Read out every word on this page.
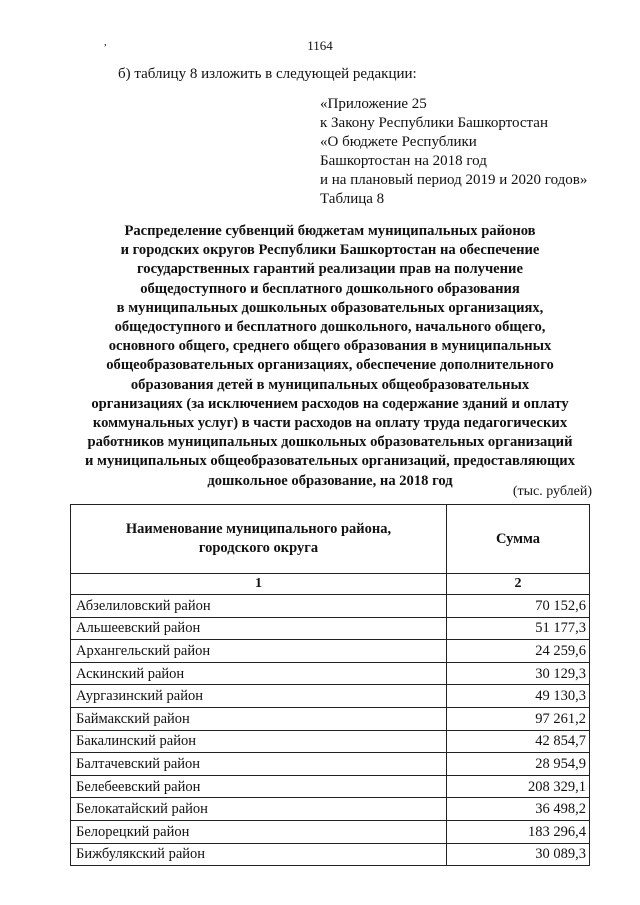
1164
,
б) таблицу 8 изложить в следующей редакции:
«Приложение 25
к Закону Республики Башкортостан
«О бюджете Республики
Башкортостан на 2018 год
и на плановый период 2019 и 2020 годов»
Таблица 8
Распределение субвенций бюджетам муниципальных районов
и городских округов Республики Башкортостан на обеспечение
государственных гарантий реализации прав на получение
общедоступного и бесплатного дошкольного образования
в муниципальных дошкольных образовательных организациях,
общедоступного и бесплатного дошкольного, начального общего,
основного общего, среднего общего образования в муниципальных
общеобразовательных организациях, обеспечение дополнительного
образования детей в муниципальных общеобразовательных
организациях (за исключением расходов на содержание зданий и оплату
коммунальных услуг) в части расходов на оплату труда педагогических
работников муниципальных дошкольных образовательных организаций
и муниципальных общеобразовательных организаций, предоставляющих
дошкольное образование, на 2018 год
(тыс. рублей)
Наименование муниципального района,
городского округа	Сумма
1	2
Абзелиловский район	70 152,6
Альшеевский район	51 177,3
Архангельский район	24 259,6
Аскинский район	30 129,3
Аургазинский район	49 130,3
Баймакский район	97 261,2
Бакалинский район	42 854,7
Балтачевский район	28 954,9
Белебеевский район	208 329,1
Белокатайский район	36 498,2
Белорецкий район	183 296,4
Бижбулякский район	30 089,3
